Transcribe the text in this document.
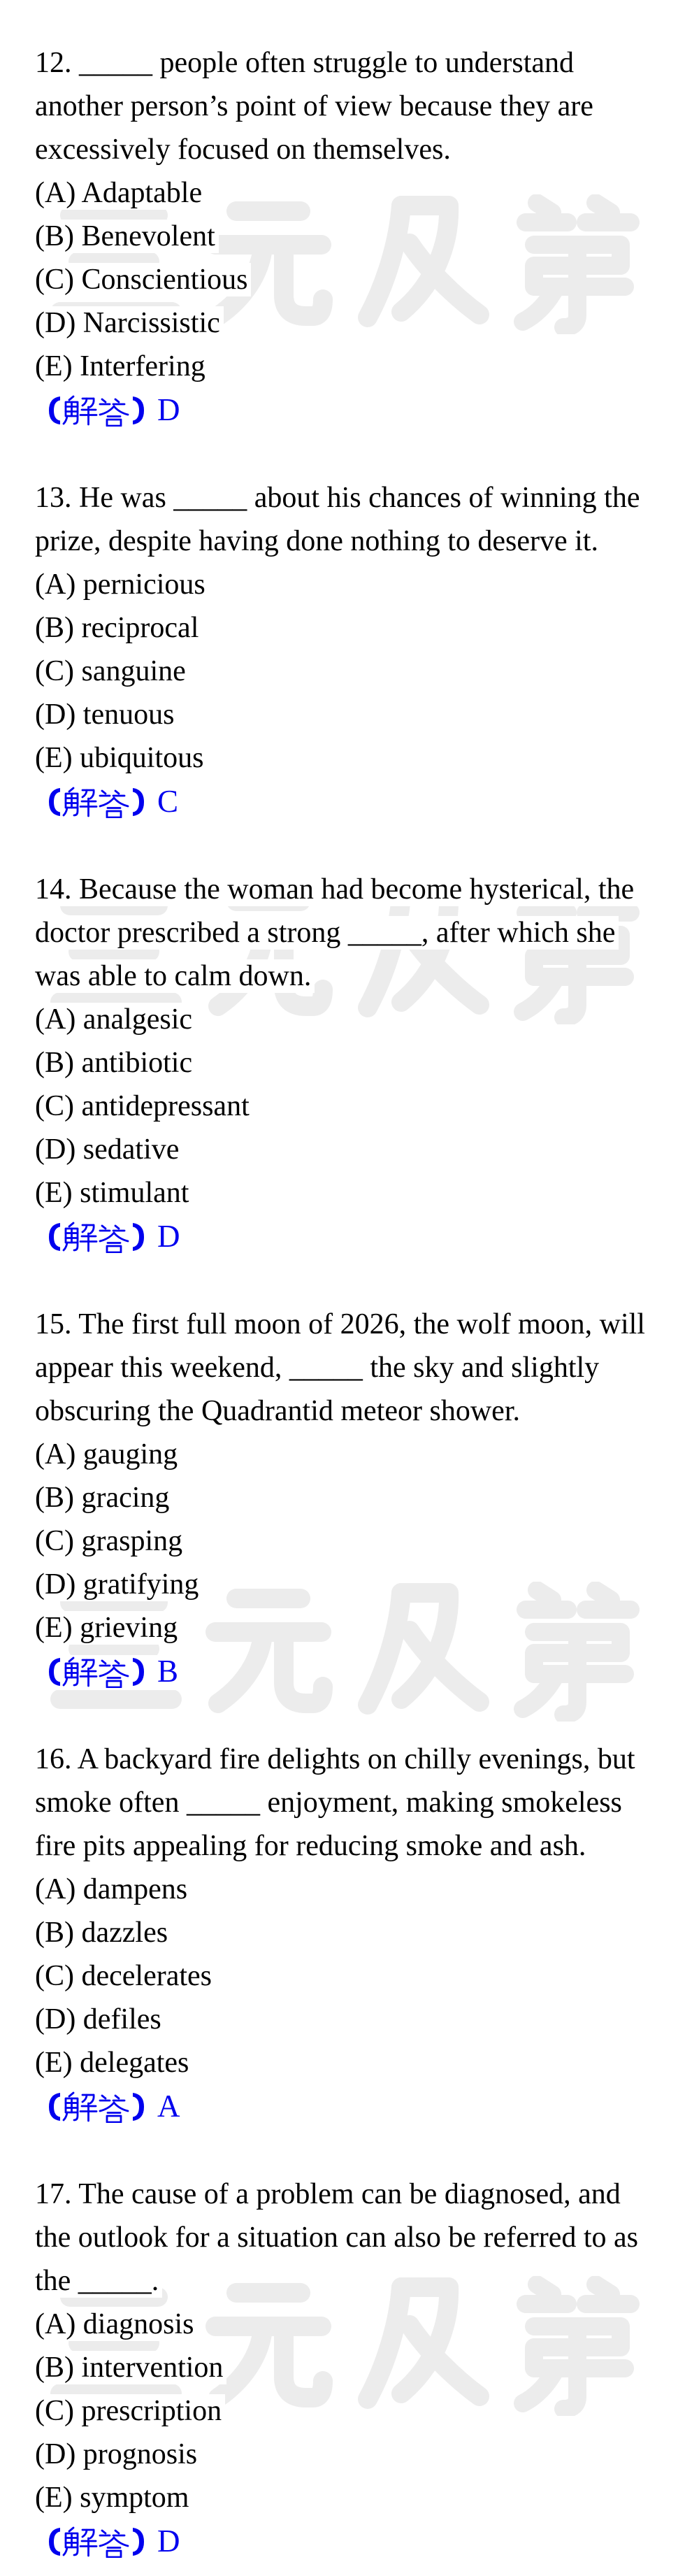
12. _____ people often struggle to understand
another person’s point of view because they are
excessively focused on themselves.
(A) Adaptable
(B) Benevolent
(C) Conscientious
(D) Narcissistic
(E) Interfering
D
13. He was _____ about his chances of winning the
prize, despite having done nothing to deserve it.
(A) pernicious
(B) reciprocal
(C) sanguine
(D) tenuous
(E) ubiquitous
C
14. Because the woman had become hysterical, the
doctor prescribed a strong _____, after which she
was able to calm down.
(A) analgesic
(B) antibiotic
(C) antidepressant
(D) sedative
(E) stimulant
D
15. The first full moon of 2026, the wolf moon, will
appear this weekend, _____ the sky and slightly
obscuring the Quadrantid meteor shower.
(A) gauging
(B) gracing
(C) grasping
(D) gratifying
(E) grieving
B
16. A backyard fire delights on chilly evenings, but
smoke often _____ enjoyment, making smokeless
fire pits appealing for reducing smoke and ash.
(A) dampens
(B) dazzles
(C) decelerates
(D) defiles
(E) delegates
A
17. The cause of a problem can be diagnosed, and
the outlook for a situation can also be referred to as
the _____.
(A) diagnosis
(B) intervention
(C) prescription
(D) prognosis
(E) symptom
D
